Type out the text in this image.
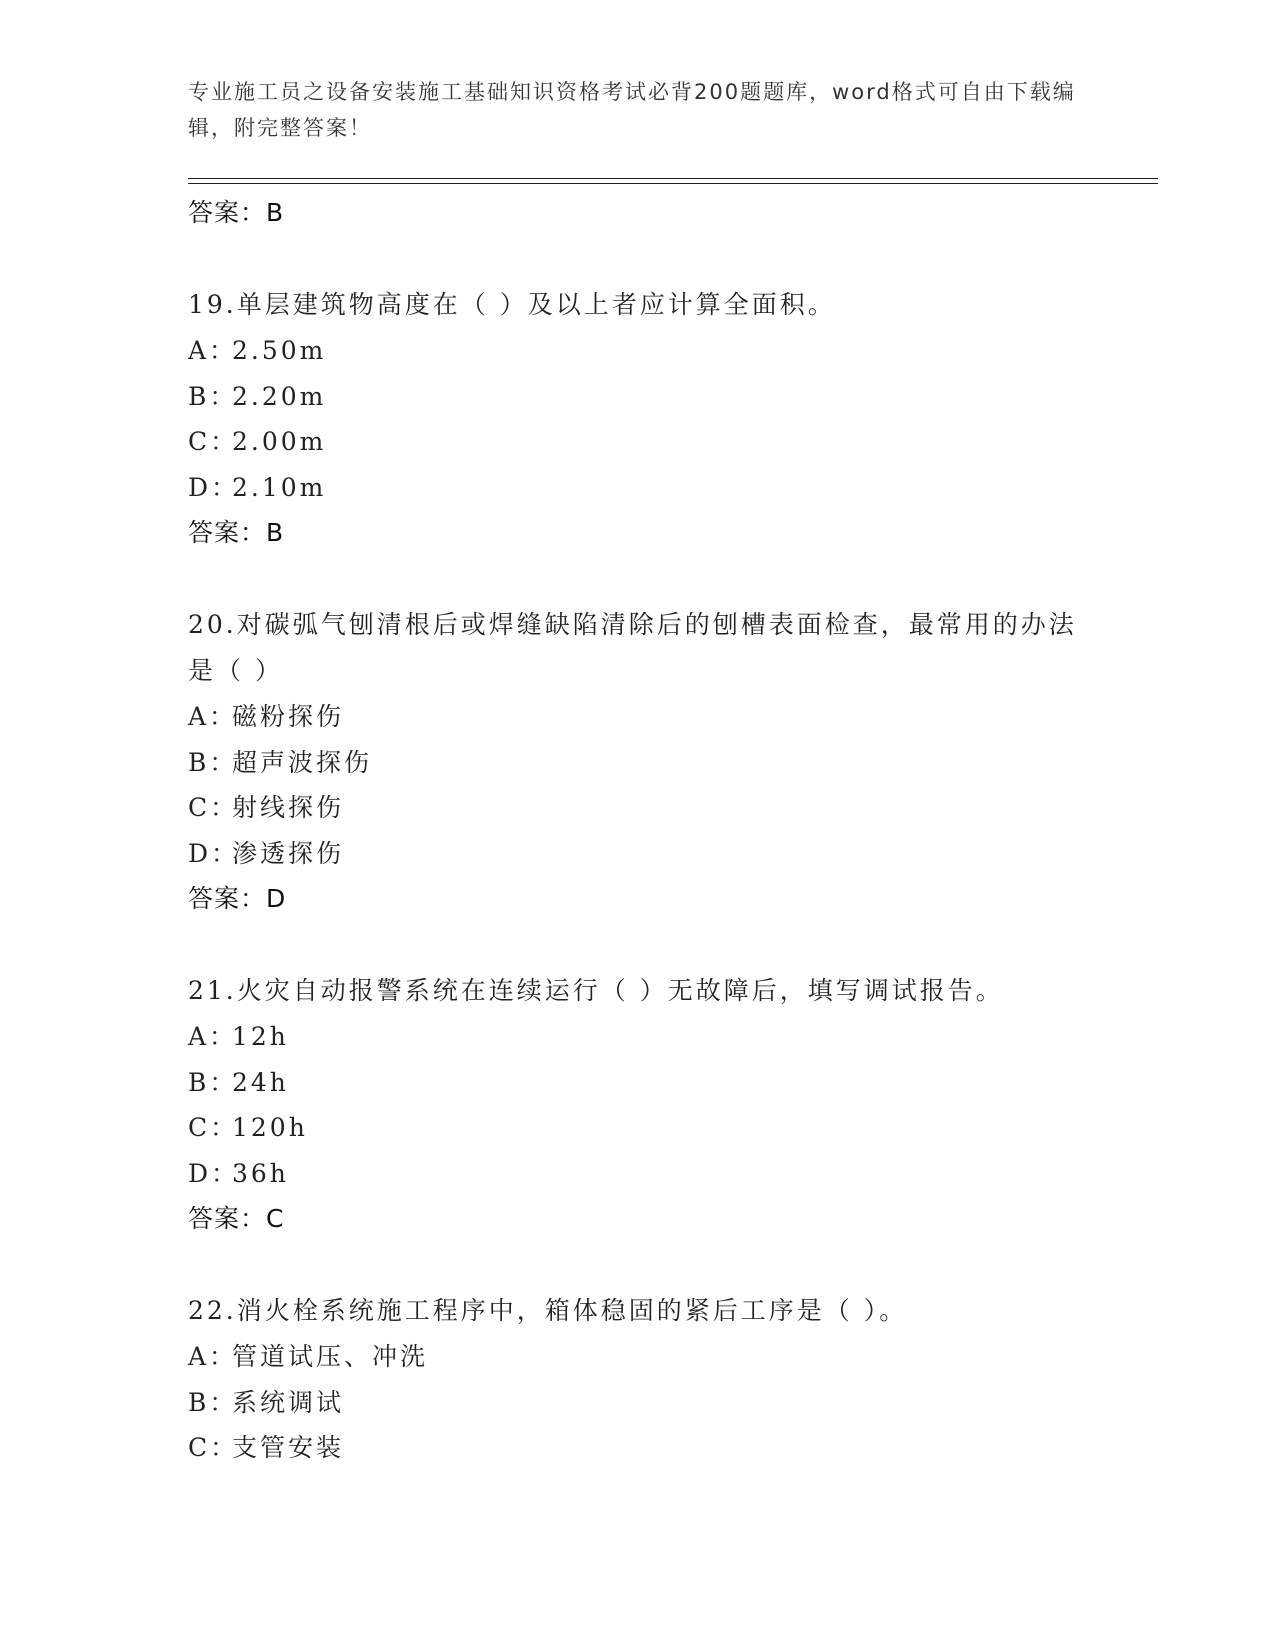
专业施工员之设备安装施工基础知识资格考试必背200题题库，word格式可自由下载编辑，附完整答案！
答案：B
19.单层建筑物高度在（ ）及以上者应计算全面积。
A：2.50m
B：2.20m
C：2.00m
D：2.10m
答案：B
20.对碳弧气刨清根后或焊缝缺陷清除后的刨槽表面检查，最常用的办法是（ ）
A：磁粉探伤
B：超声波探伤
C：射线探伤
D：渗透探伤
答案：D
21.火灾自动报警系统在连续运行（ ）无故障后，填写调试报告。
A：12h
B：24h
C：120h
D：36h
答案：C
22.消火栓系统施工程序中，箱体稳固的紧后工序是（ ）。
A：管道试压、冲洗
B：系统调试
C：支管安装
